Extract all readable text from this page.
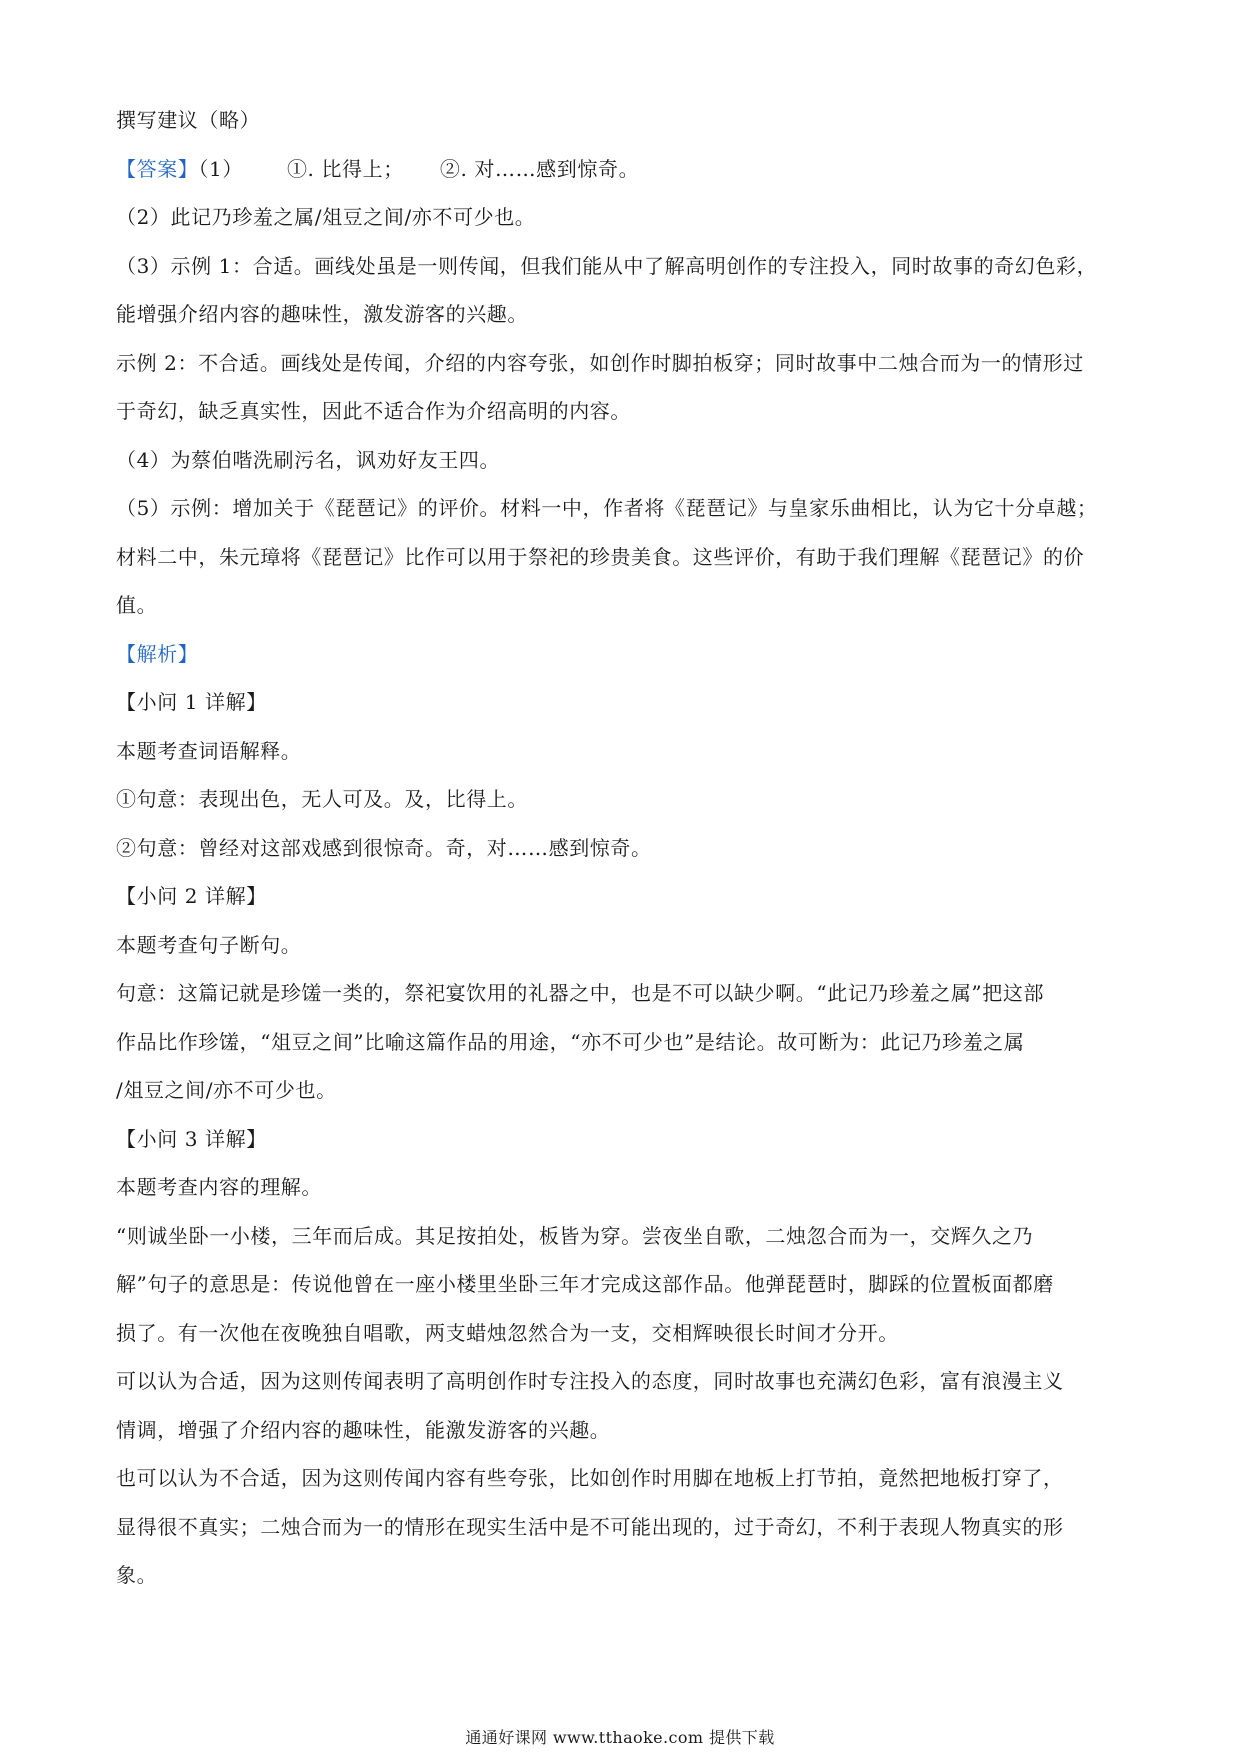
撰写建议（略）
【答案】（1） ①. 比得上； ②. 对……感到惊奇。
（2）此记乃珍羞之属/俎豆之间/亦不可少也。
（3）示例 1：合适。画线处虽是一则传闻，但我们能从中了解高明创作的专注投入，同时故事的奇幻色彩，
能增强介绍内容的趣味性，激发游客的兴趣。
示例 2：不合适。画线处是传闻，介绍的内容夸张，如创作时脚拍板穿；同时故事中二烛合而为一的情形过
于奇幻，缺乏真实性，因此不适合作为介绍高明的内容。
（4）为蔡伯喈洗刷污名，讽劝好友王四。
（5）示例：增加关于《琵琶记》的评价。材料一中，作者将《琵琶记》与皇家乐曲相比，认为它十分卓越；
材料二中，朱元璋将《琵琶记》比作可以用于祭祀的珍贵美食。这些评价，有助于我们理解《琵琶记》的价
值。
【解析】
【小问 1 详解】
本题考查词语解释。
①句意：表现出色，无人可及。及，比得上。
②句意：曾经对这部戏感到很惊奇。奇，对……感到惊奇。
【小问 2 详解】
本题考查句子断句。
句意：这篇记就是珍馐一类的，祭祀宴饮用的礼器之中，也是不可以缺少啊。“此记乃珍羞之属”把这部
作品比作珍馐，“俎豆之间”比喻这篇作品的用途，“亦不可少也”是结论。故可断为：此记乃珍羞之属
/俎豆之间/亦不可少也。
【小问 3 详解】
本题考查内容的理解。
“则诚坐卧一小楼，三年而后成。其足按拍处，板皆为穿。尝夜坐自歌，二烛忽合而为一，交辉久之乃
解”句子的意思是：传说他曾在一座小楼里坐卧三年才完成这部作品。他弹琵琶时，脚踩的位置板面都磨
损了。有一次他在夜晚独自唱歌，两支蜡烛忽然合为一支，交相辉映很长时间才分开。
可以认为合适，因为这则传闻表明了高明创作时专注投入的态度，同时故事也充满幻色彩，富有浪漫主义
情调，增强了介绍内容的趣味性，能激发游客的兴趣。
也可以认为不合适，因为这则传闻内容有些夸张，比如创作时用脚在地板上打节拍，竟然把地板打穿了，
显得很不真实；二烛合而为一的情形在现实生活中是不可能出现的，过于奇幻，不利于表现人物真实的形
象。
通通好课网 www.tthaoke.com 提供下载
